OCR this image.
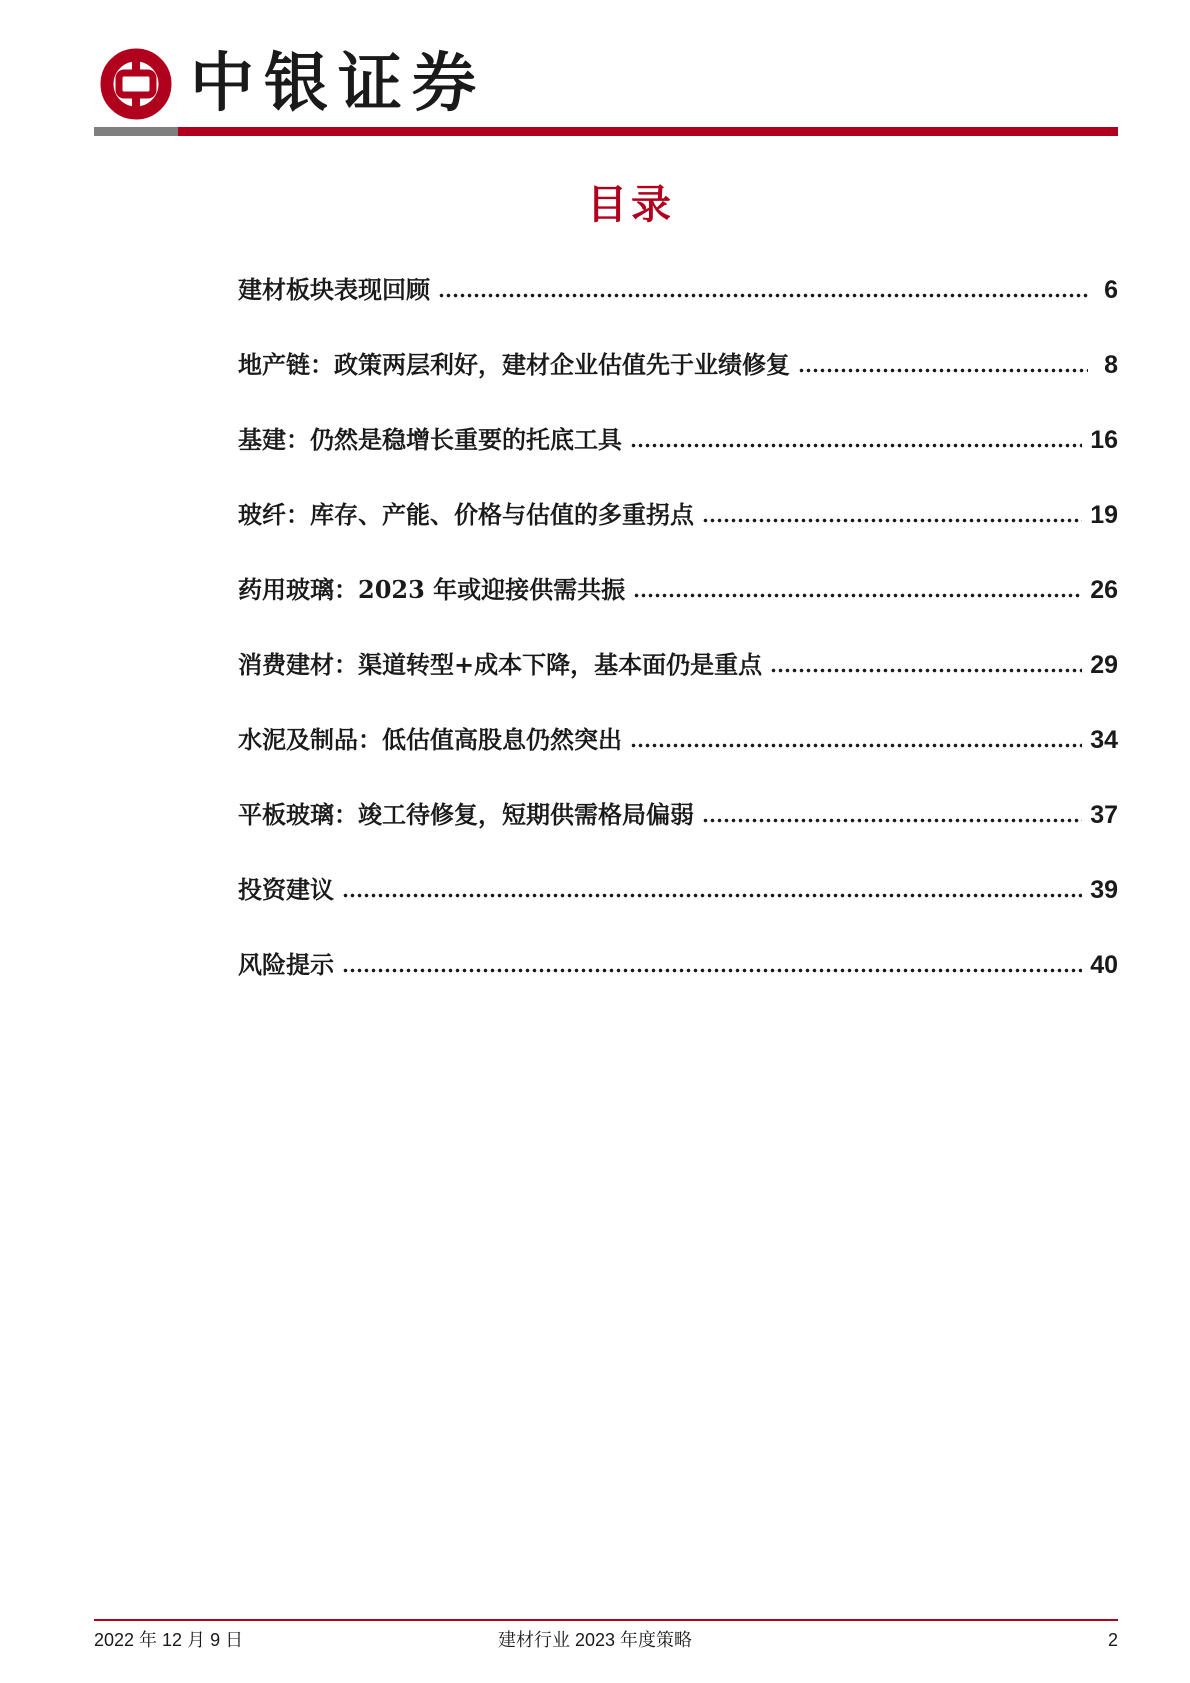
中银证券
目录
建材板块表现回顾	6
地产链：政策两层利好，建材企业估值先于业绩修复	8
基建：仍然是稳增长重要的托底工具	16
玻纤：库存、产能、价格与估值的多重拐点	19
药用玻璃：2023 年或迎接供需共振	26
消费建材：渠道转型+成本下降，基本面仍是重点	29
水泥及制品：低估值高股息仍然突出	34
平板玻璃：竣工待修复，短期供需格局偏弱	37
投资建议	39
风险提示	40
2022 年 12 月 9 日	建材行业 2023 年度策略	2
